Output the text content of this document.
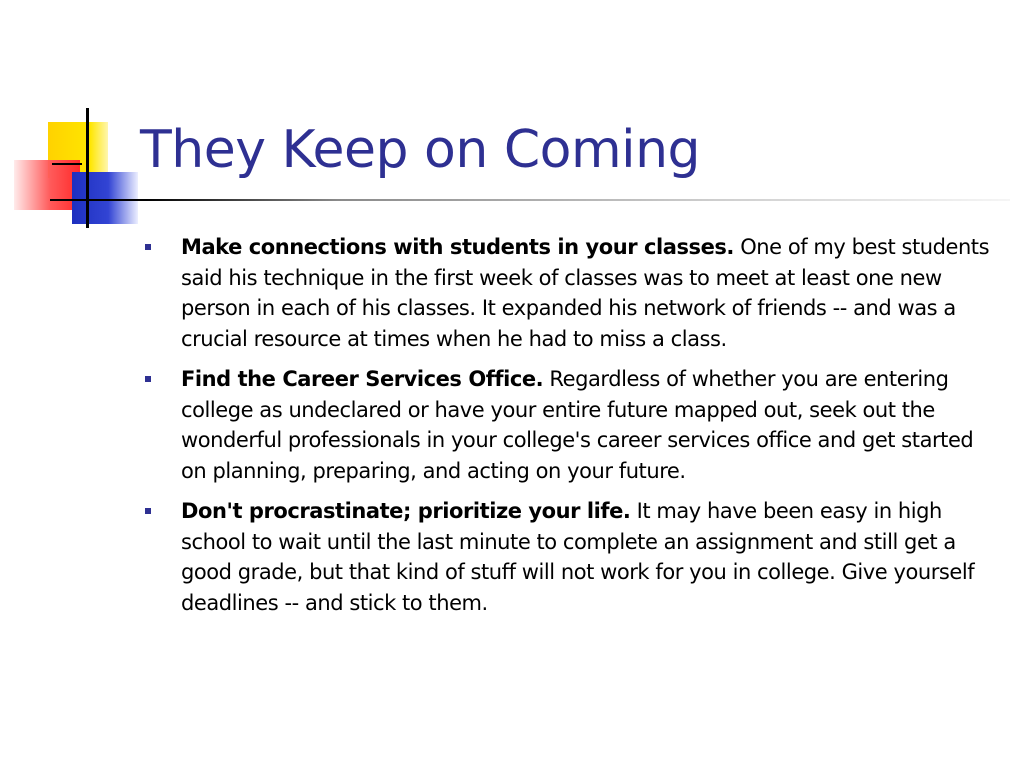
They Keep on Coming
Make connections with students in your classes. One of my best students said his technique in the first week of classes was to meet at least one new person in each of his classes. It expanded his network of friends -- and was a crucial resource at times when he had to miss a class.
Find the Career Services Office. Regardless of whether you are entering college as undeclared or have your entire future mapped out, seek out the wonderful professionals in your college's career services office and get started on planning, preparing, and acting on your future.
Don't procrastinate; prioritize your life. It may have been easy in high school to wait until the last minute to complete an assignment and still get a good grade, but that kind of stuff will not work for you in college. Give yourself deadlines -- and stick to them.
